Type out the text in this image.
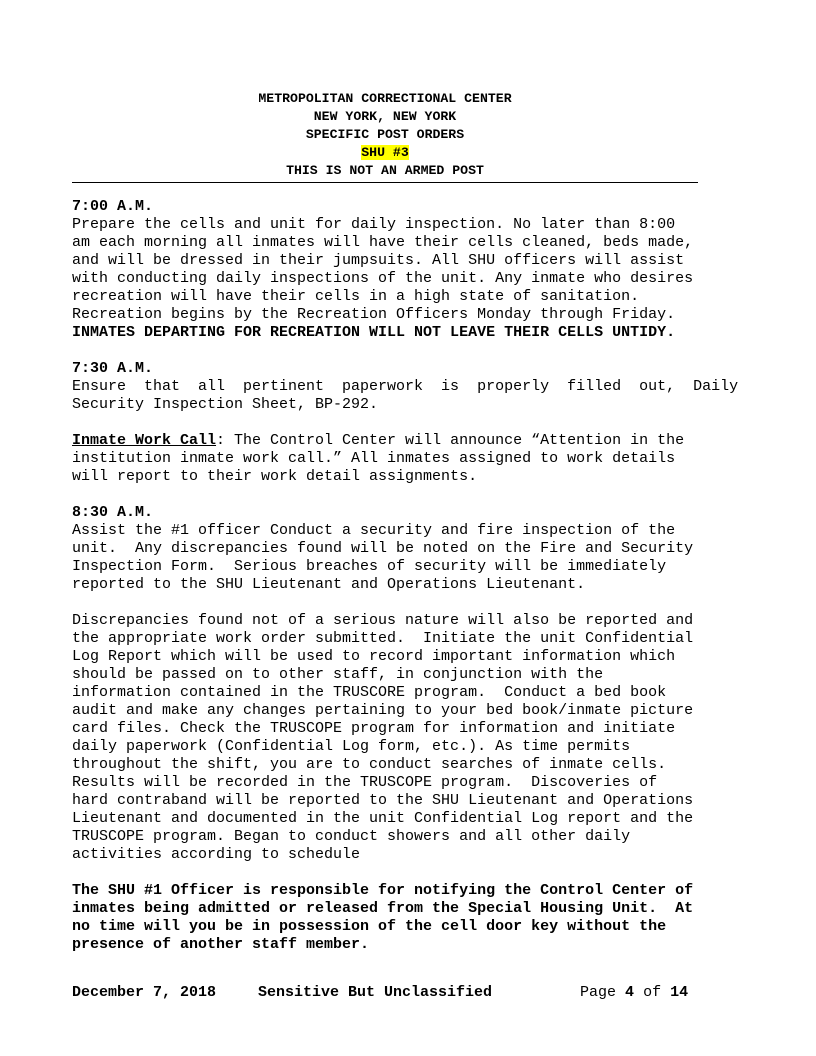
METROPOLITAN CORRECTIONAL CENTER
NEW YORK, NEW YORK
SPECIFIC POST ORDERS
SHU #3
THIS IS NOT AN ARMED POST
7:00 A.M.
Prepare the cells and unit for daily inspection. No later than 8:00
am each morning all inmates will have their cells cleaned, beds made,
and will be dressed in their jumpsuits. All SHU officers will assist
with conducting daily inspections of the unit. Any inmate who desires
recreation will have their cells in a high state of sanitation.
Recreation begins by the Recreation Officers Monday through Friday.
INMATES DEPARTING FOR RECREATION WILL NOT LEAVE THEIR CELLS UNTIDY.
7:30 A.M.
Ensure  that  all  pertinent  paperwork  is  properly  filled  out,  Daily
Security Inspection Sheet, BP-292.
Inmate Work Call: The Control Center will announce “Attention in the
institution inmate work call.” All inmates assigned to work details
will report to their work detail assignments.
8:30 A.M.
Assist the #1 officer Conduct a security and fire inspection of the
unit.  Any discrepancies found will be noted on the Fire and Security
Inspection Form.  Serious breaches of security will be immediately
reported to the SHU Lieutenant and Operations Lieutenant.
Discrepancies found not of a serious nature will also be reported and
the appropriate work order submitted.  Initiate the unit Confidential
Log Report which will be used to record important information which
should be passed on to other staff, in conjunction with the
information contained in the TRUSCORE program.  Conduct a bed book
audit and make any changes pertaining to your bed book/inmate picture
card files. Check the TRUSCOPE program for information and initiate
daily paperwork (Confidential Log form, etc.). As time permits
throughout the shift, you are to conduct searches of inmate cells.
Results will be recorded in the TRUSCOPE program.  Discoveries of
hard contraband will be reported to the SHU Lieutenant and Operations
Lieutenant and documented in the unit Confidential Log report and the
TRUSCOPE program. Began to conduct showers and all other daily
activities according to schedule
The SHU #1 Officer is responsible for notifying the Control Center of
inmates being admitted or released from the Special Housing Unit.  At
no time will you be in possession of the cell door key without the
presence of another staff member.
December 7, 2018	Sensitive But Unclassified	Page 4 of 14
